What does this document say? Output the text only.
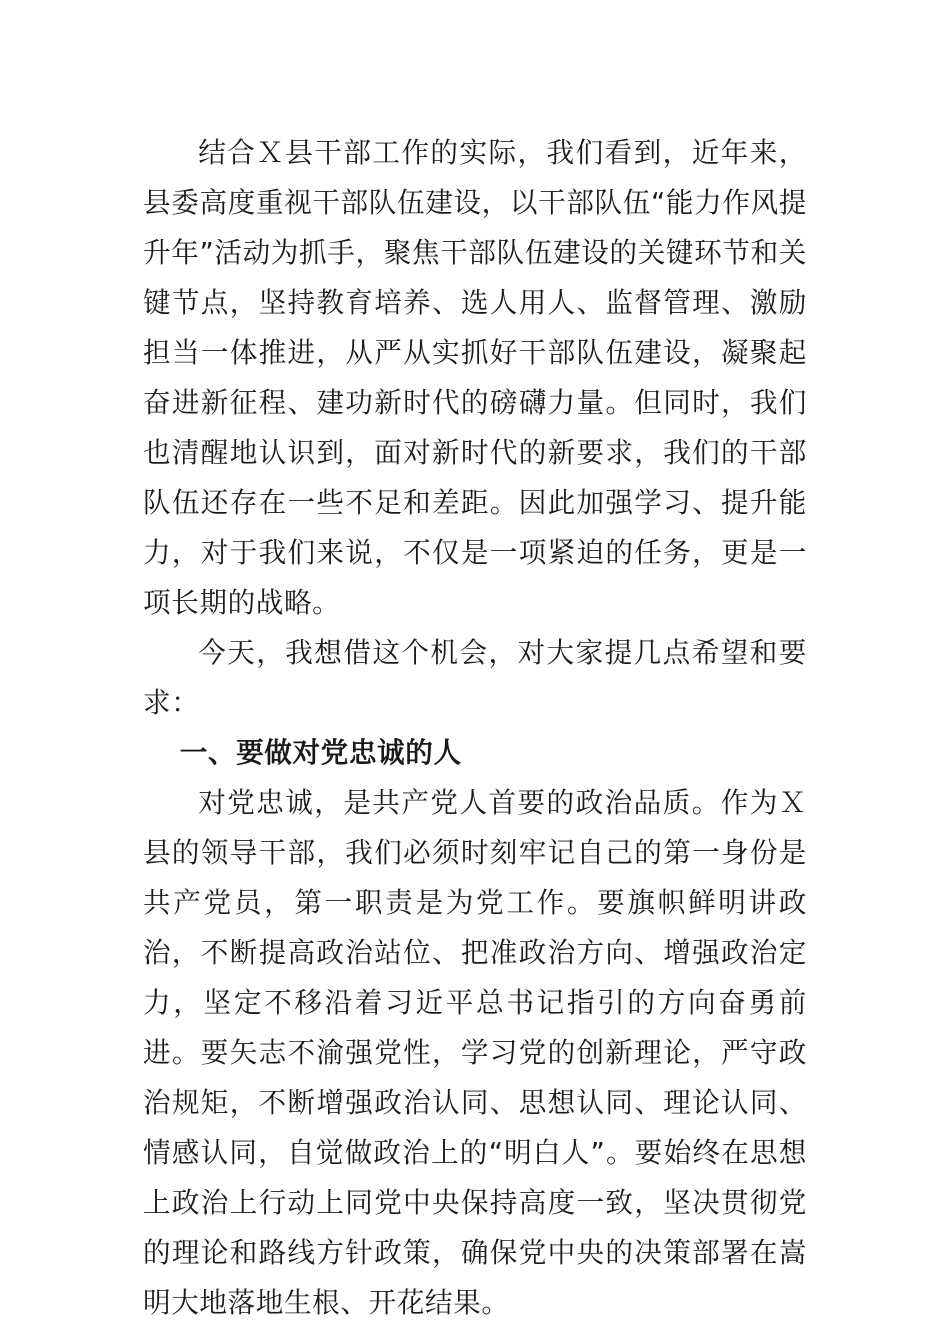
结合Ｘ县干部工作的实际，我们看到，近年来，县委高度重视干部队伍建设，以干部队伍“能力作风提升年”活动为抓手，聚焦干部队伍建设的关键环节和关键节点，坚持教育培养、选人用人、监督管理、激励担当一体推进，从严从实抓好干部队伍建设，凝聚起奋进新征程、建功新时代的磅礴力量。但同时，我们也清醒地认识到，面对新时代的新要求，我们的干部队伍还存在一些不足和差距。因此加强学习、提升能力，对于我们来说，不仅是一项紧迫的任务，更是一项长期的战略。

今天，我想借这个机会，对大家提几点希望和要求：

一、要做对党忠诚的人

对党忠诚，是共产党人首要的政治品质。作为Ｘ县的领导干部，我们必须时刻牢记自己的第一身份是共产党员，第一职责是为党工作。要旗帜鲜明讲政治，不断提高政治站位、把准政治方向、增强政治定力，坚定不移沿着习近平总书记指引的方向奋勇前进。要矢志不渝强党性，学习党的创新理论，严守政治规矩，不断增强政治认同、思想认同、理论认同、情感认同，自觉做政治上的“明白人”。要始终在思想上政治上行动上同党中央保持高度一致，坚决贯彻党的理论和路线方针政策，确保党中央的决策部署在嵩明大地落地生根、开花结果。
